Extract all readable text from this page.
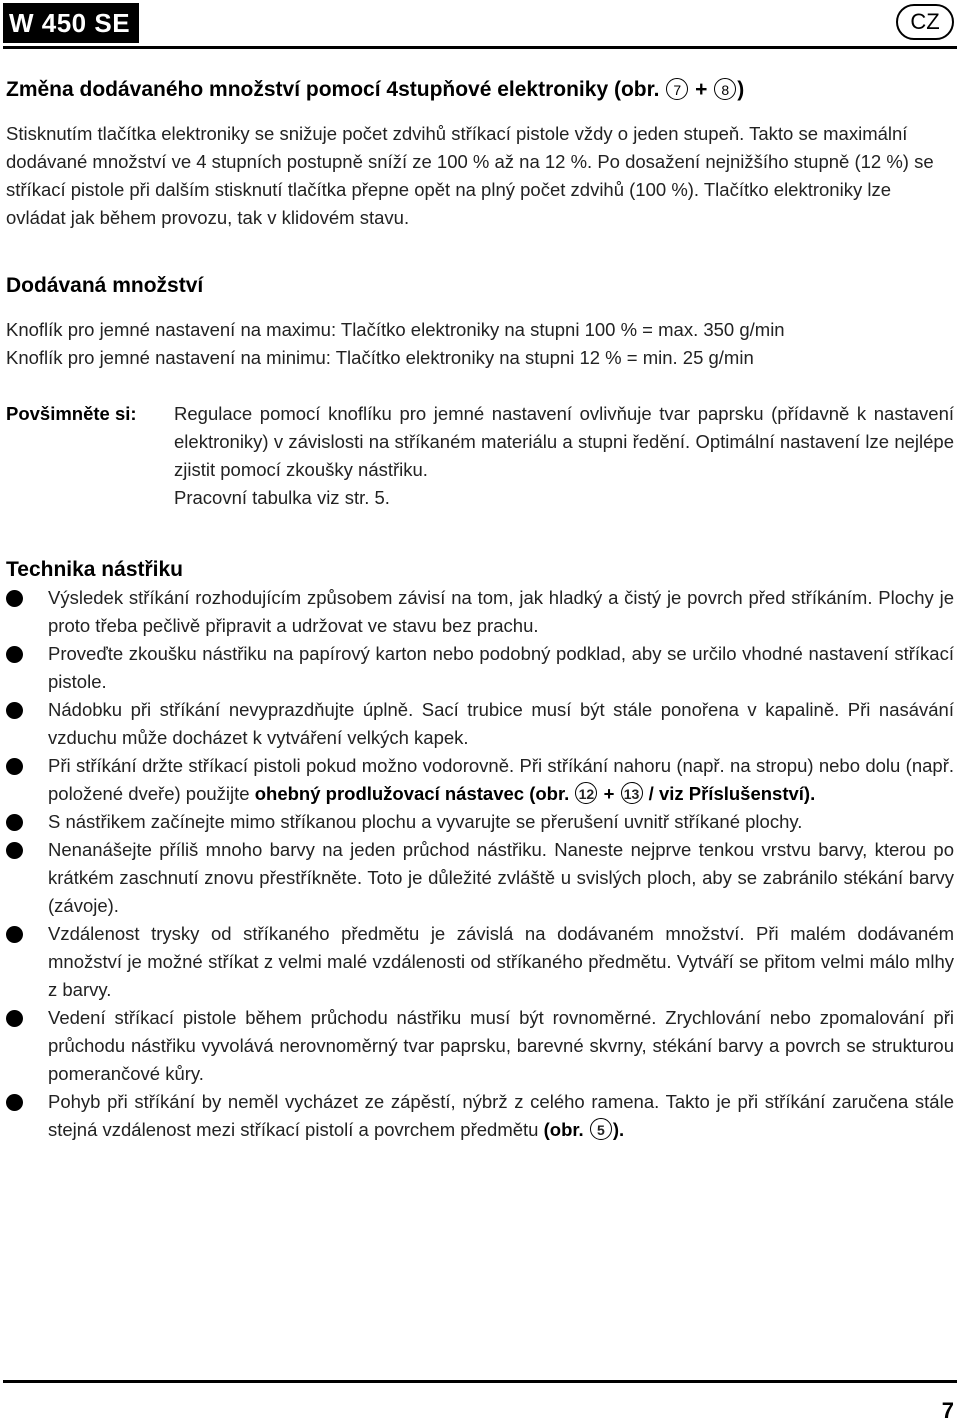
W 450 SE	CZ
Změna dodávaného množství pomocí 4stupňové elektroniky (obr. 7 + 8 )

Stisknutím tlačítka elektroniky se snižuje počet zdvihů stříkací pistole vždy o jeden stupeň. Takto se maximální dodávané množství ve 4 stupních postupně sníží ze 100 % až na 12 %. Po dosažení nejnižšího stupně (12 %) se stříkací pistole při dalším stisknutí tlačítka přepne opět na plný počet zdvihů (100 %). Tlačítko elektroniky lze ovládat jak během provozu, tak v klidovém stavu.

Dodávaná množství

Knoflík pro jemné nastavení na maximu: Tlačítko elektroniky na stupni 100 % = max. 350 g/min

Knoflík pro jemné nastavení na minimu: Tlačítko elektroniky na stupni 12 % = min. 25 g/min

Povšimněte si:	Regulace pomocí knoflíku pro jemné nastavení ovlivňuje tvar paprsku (přídavně k nastavení elektroniky) v závislosti na stříkaném materiálu a stupni ředění. Optimální nastavení lze nejlépe zjistit pomocí zkoušky nástřiku.
Pracovní tabulka viz str. 5.
Technika nástřiku
Výsledek stříkání rozhodujícím způsobem závisí na tom, jak hladký a čistý je povrch před stříkáním. Plochy je proto třeba pečlivě připravit a udržovat ve stavu bez prachu.
Proveďte zkoušku nástřiku na papírový karton nebo podobný podklad, aby se určilo vhodné nastavení stříkací pistole.
Nádobku při stříkání nevyprazdňujte úplně. Sací trubice musí být stále ponořena v kapalině. Při nasávání vzduchu může docházet k vytváření velkých kapek.
Při stříkání držte stříkací pistoli pokud možno vodorovně. Při stříkání nahoru (např. na stropu) nebo dolu (např. položené dveře) použijte ohebný prodlužovací nástavec (obr. 12 + 13 / viz Příslušenství).
S nástřikem začínejte mimo stříkanou plochu a vyvarujte se přerušení uvnitř stříkané plochy.
Nenanášejte příliš mnoho barvy na jeden průchod nástřiku. Naneste nejprve tenkou vrstvu barvy, kterou po krátkém zaschnutí znovu přestříkněte. Toto je důležité zvláště u svislých ploch, aby se zabránilo stékání barvy (závoje).
Vzdálenost trysky od stříkaného předmětu je závislá na dodávaném množství. Při malém dodávaném množství je možné stříkat z velmi malé vzdálenosti od stříkaného předmětu. Vytváří se přitom velmi málo mlhy z barvy.
Vedení stříkací pistole během průchodu nástřiku musí být rovnoměrné. Zrychlování nebo zpomalování při průchodu nástřiku vyvolává nerovnoměrný tvar paprsku, barevné skvrny, stékání barvy a povrch se strukturou pomerančové kůry.
Pohyb při stříkání by neměl vycházet ze zápěstí, nýbrž z celého ramena. Takto je při stříkání zaručena stále stejná vzdálenost mezi stříkací pistolí a povrchem předmětu (obr. 5 ).
7
